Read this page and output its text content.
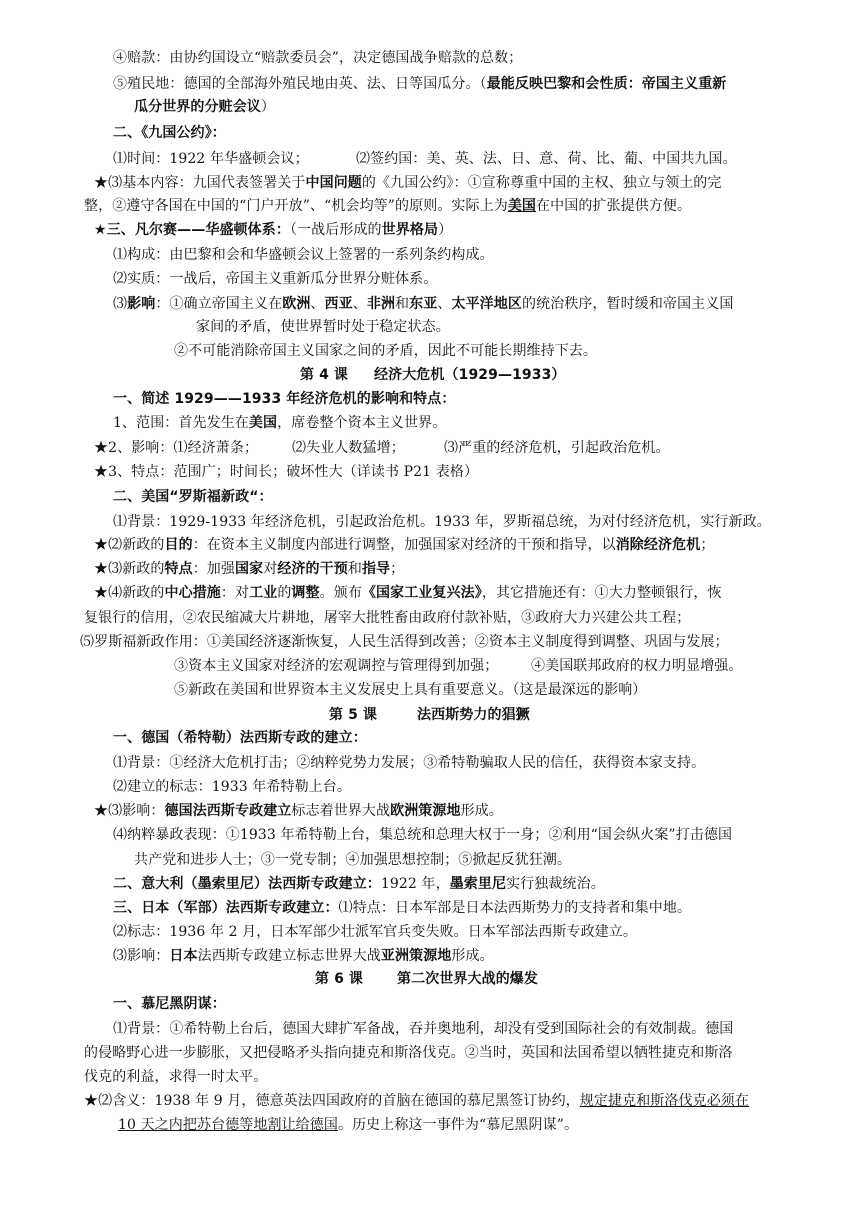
④赔款：由协约国设立“赔款委员会”，决定德国战争赔款的总数；
⑤殖民地：德国的全部海外殖民地由英、法、日等国瓜分。（最能反映巴黎和会性质：帝国主义重新
瓜分世界的分赃会议）
二、《九国公约》：
⑴时间：1922 年华盛顿会议；	⑵签约国：美、英、法、日、意、荷、比、葡、中国共九国。
★⑶基本内容：九国代表签署关于中国问题的《九国公约》：①宣称尊重中国的主权、独立与领土的完
整，②遵守各国在中国的“门户开放”、“机会均等”的原则。实际上为美国在中国的扩张提供方便。
★三、凡尔赛——华盛顿体系：（一战后形成的世界格局）
⑴构成：由巴黎和会和华盛顿会议上签署的一系列条约构成。
⑵实质：一战后，帝国主义重新瓜分世界分赃体系。
⑶影响：①确立帝国主义在欧洲、西亚、非洲和东亚、太平洋地区的统治秩序，暂时缓和帝国主义国
家间的矛盾，使世界暂时处于稳定状态。
②不可能消除帝国主义国家之间的矛盾，因此不可能长期维持下去。
第 4 课 经济大危机（1929—1933）
一、简述 1929——1933 年经济危机的影响和特点：
1、范围：首先发生在美国，席卷整个资本主义世界。
★2、影响：⑴经济萧条； ⑵失业人数猛增；	⑶严重的经济危机，引起政治危机。
★3、特点：范围广；时间长；破坏性大（详读书 P21 表格）
二、美国“罗斯福新政“：
⑴背景：1929-1933 年经济危机，引起政治危机。1933 年，罗斯福总统，为对付经济危机，实行新政。
★⑵新政的目的：在资本主义制度内部进行调整，加强国家对经济的干预和指导，以消除经济危机；
★⑶新政的特点：加强国家对经济的干预和指导；
★⑷新政的中心措施：对工业的调整。颁布《国家工业复兴法》，其它措施还有：①大力整顿银行，恢
复银行的信用，②农民缩减大片耕地，屠宰大批牲畜由政府付款补贴，③政府大力兴建公共工程；
⑸罗斯福新政作用：①美国经济逐渐恢复，人民生活得到改善；②资本主义制度得到调整、巩固与发展；
③资本主义国家对经济的宏观调控与管理得到加强； ④美国联邦政府的权力明显增强。
⑤新政在美国和世界资本主义发展史上具有重要意义。（这是最深远的影响）
第 5 课	法西斯势力的猖獗
一、德国（希特勒）法西斯专政的建立：
⑴背景：①经济大危机打击；②纳粹党势力发展；③希特勒骗取人民的信任，获得资本家支持。
⑵建立的标志：1933 年希特勒上台。
★⑶影响：德国法西斯专政建立标志着世界大战欧洲策源地形成。
⑷纳粹暴政表现：①1933 年希特勒上台，集总统和总理大权于一身；②利用“国会纵火案”打击德国
共产党和进步人士；③一党专制；④加强思想控制；⑤掀起反犹狂潮。
二、意大利（墨索里尼）法西斯专政建立：1922 年，墨索里尼实行独裁统治。
三、日本（军部）法西斯专政建立：⑴特点：日本军部是日本法西斯势力的支持者和集中地。
⑵标志：1936 年 2 月，日本军部少壮派军官兵变失败。日本军部法西斯专政建立。
⑶影响：日本法西斯专政建立标志世界大战亚洲策源地形成。
第 6 课 第二次世界大战的爆发
一、慕尼黑阴谋：
⑴背景：①希特勒上台后，德国大肆扩军备战，吞并奥地利，却没有受到国际社会的有效制裁。德国
的侵略野心进一步膨胀，又把侵略矛头指向捷克和斯洛伐克。②当时，英国和法国希望以牺牲捷克和斯洛
伐克的利益，求得一时太平。
★⑵含义：1938 年 9 月，德意英法四国政府的首脑在德国的慕尼黑签订协约，规定捷克和斯洛伐克必须在
10 天之内把苏台德等地割让给德国。历史上称这一事件为“慕尼黑阴谋”。
